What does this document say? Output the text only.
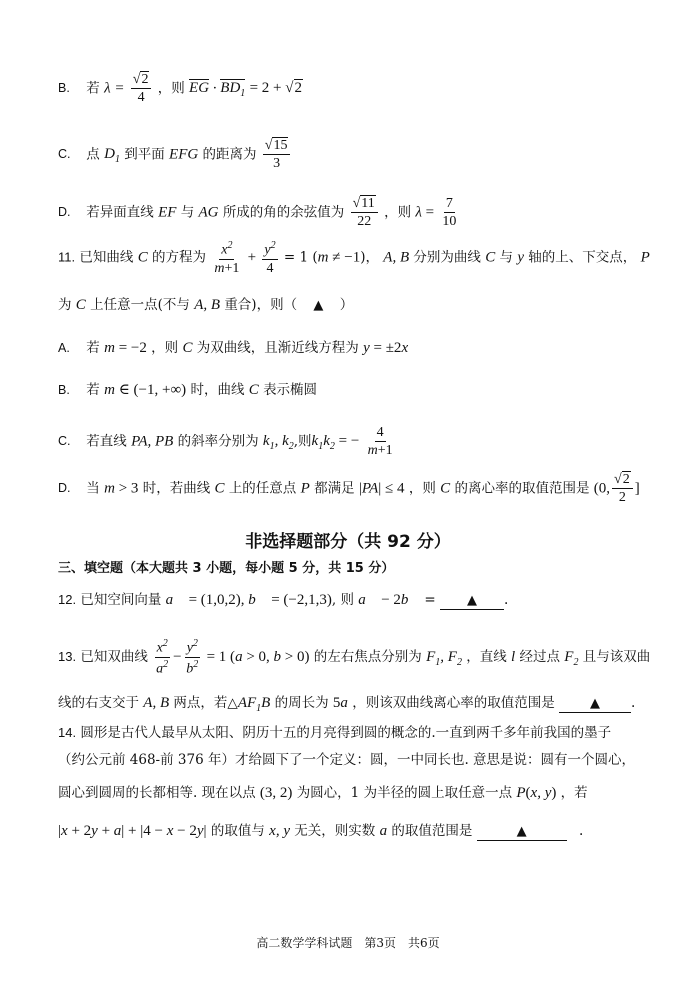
B. 若 $\lambda = \frac{√2}{4}$ ，则 EG · $BD_1 = 2 + √2$
C. 点 $D_1$ 到平面 EFG 的距离为 $\frac{√15}{3}$
D. 若异面直线 EF 与 AG 所成的角的余弦值为 $\frac{√11}{22}$ ，则 $\lambda = \frac{7}{10}$
11. 已知曲线 C 的方程为 $\frac{x^2}{m+1} + \frac{y^2}{4} = 1$ (m ≠ −1)， A, B 分别为曲线 C 与 y 轴的上、下交点， P
为 C 上任意一点(不与 A, B 重合)，则（ ▲ ）
A. 若 m = −2 ，则 C 为双曲线，且渐近线方程为 y = ±2x
B. 若 m ∈ (−1, +∞) 时，曲线 C 表示椭圆
C. 若直线 PA, PB 的斜率分别为 $k_1$, $k_2$,则$k_1k_2$ = − $\frac{4}{m+1}$
D. 当 m > 3 时，若曲线 C 上的任意点 P 都满足 |PA| ≤ 4 ，则 C 的离心率的取值范围是 (0, $\frac{√2}{2}$ ]
非选择题部分（共 92 分）
三、填空题（本大题共 3 小题，每小题 5 分，共 15 分）
12. 已知空间向量 a⃗ = (1,0,2), b⃗ = (−2,1,3), 则 a⃗ − 2b⃗ = ▲ .
13. 已知双曲线 $\frac{x^2}{a^2} - \frac{y^2}{b^2} = 1$ (a > 0, b > 0) 的左右焦点分别为 $F_1$, $F_2$ ，直线 l 经过点 $F_2$ 且与该双曲
线的右支交于 A, B 两点，若$\triangle AF_1B$ 的周长为 5a ，则该双曲线离心率的取值范围是	▲ .
14. 圆形是古代人最早从太阳、阴历十五的月亮得到圆的概念的.一直到两千多年前我国的墨子
（约公元前 468-前 376 年）才给圆下了一个定义：圆，一中同长也. 意思是说：圆有一个圆心，
圆心到圆周的长都相等. 现在以点 (3, 2) 为圆心，1 为半径的圆上取任意一点 P(x, y) ，若
|x + 2y + a| + |4 − x − 2y| 的取值与 x, y 无关，则实数 a 的取值范围是	▲	.
高二数学学科试题　第3页　共6页
